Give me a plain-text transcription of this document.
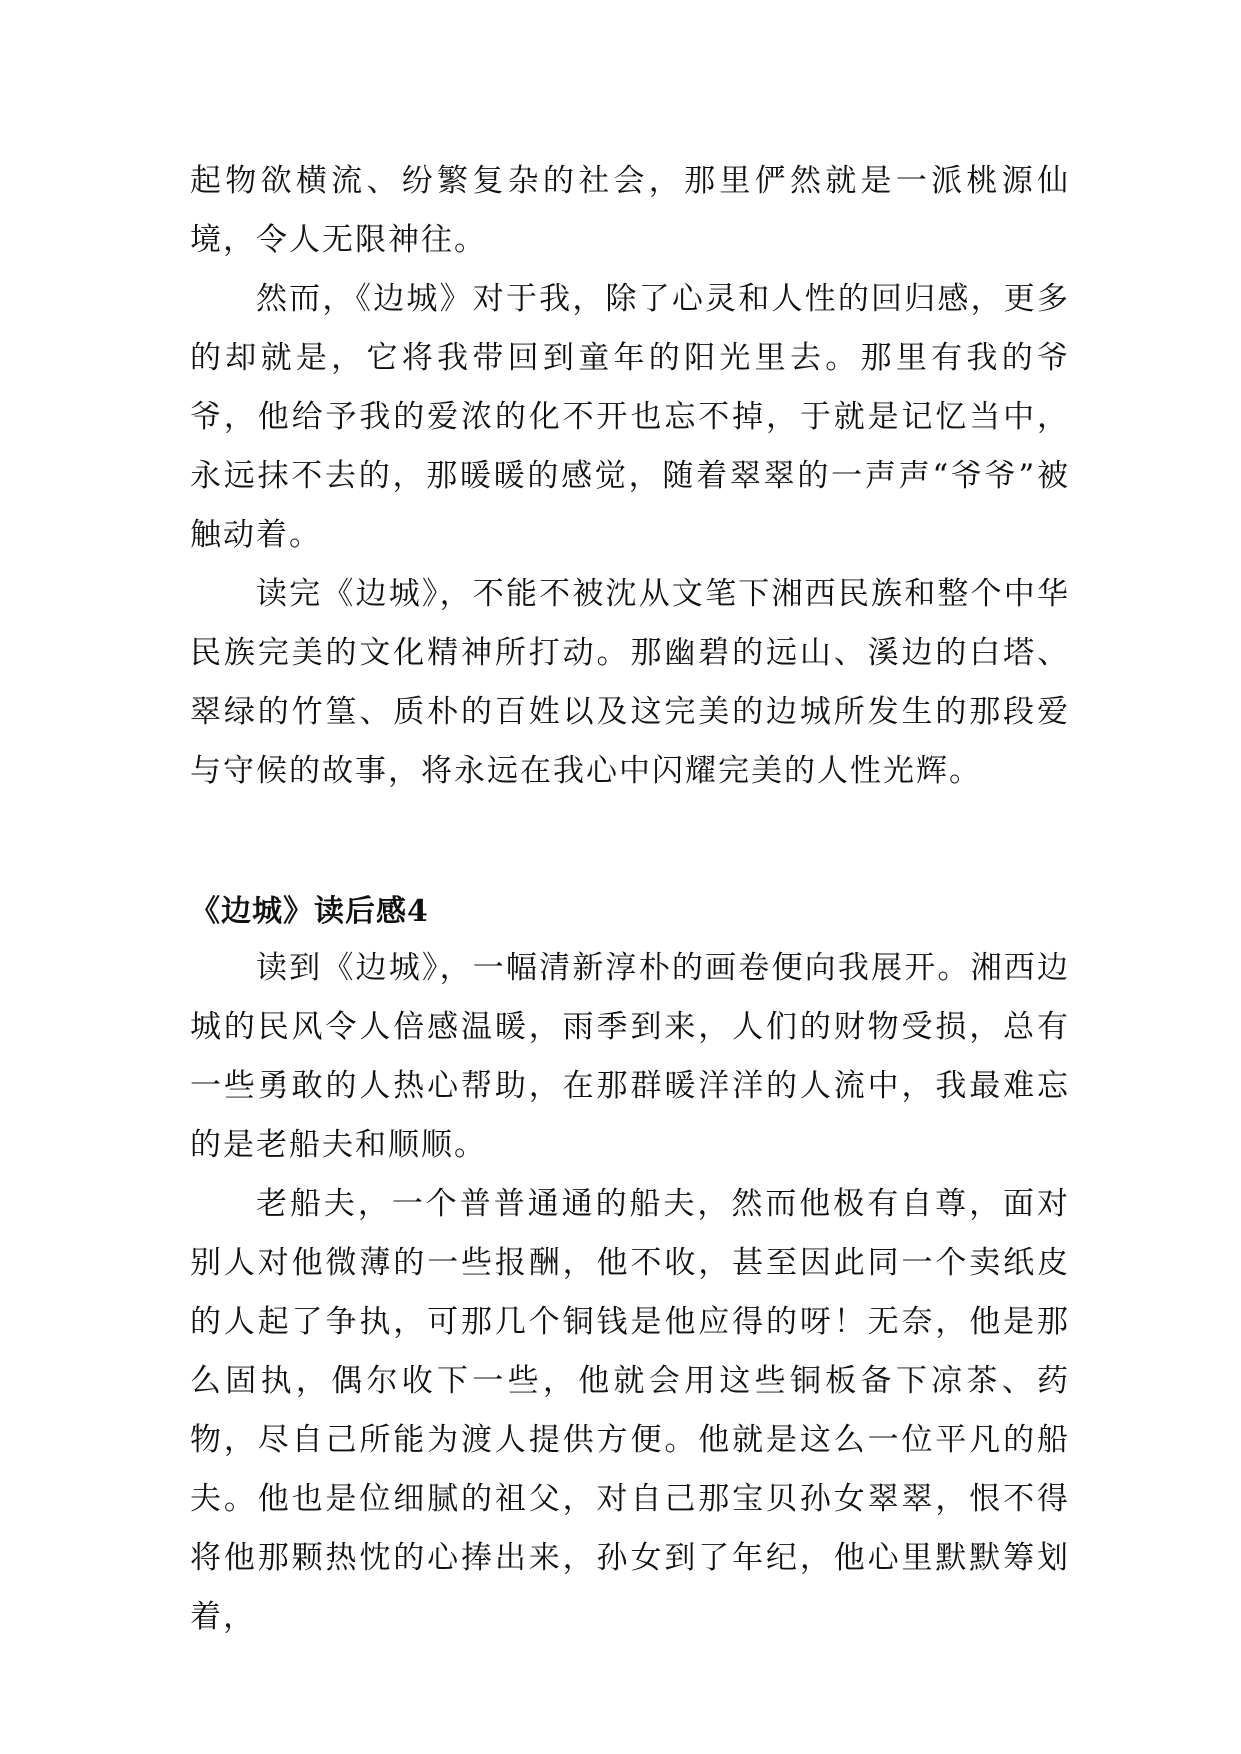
起物欲横流、纷繁复杂的社会，那里俨然就是一派桃源仙境，令人无限神往。

然而，《边城》对于我，除了心灵和人性的回归感，更多的却就是，它将我带回到童年的阳光里去。那里有我的爷爷，他给予我的爱浓的化不开也忘不掉，于就是记忆当中，永远抹不去的，那暖暖的感觉，随着翠翠的一声声“爷爷”被触动着。

读完《边城》，不能不被沈从文笔下湘西民族和整个中华民族完美的文化精神所打动。那幽碧的远山、溪边的白塔、翠绿的竹篁、质朴的百姓以及这完美的边城所发生的那段爱与守候的故事，将永远在我心中闪耀完美的人性光辉。

《边城》读后感4

读到《边城》，一幅清新淳朴的画卷便向我展开。湘西边城的民风令人倍感温暖，雨季到来，人们的财物受损，总有一些勇敢的人热心帮助，在那群暖洋洋的人流中，我最难忘的是老船夫和顺顺。

老船夫，一个普普通通的船夫，然而他极有自尊，面对别人对他微薄的一些报酬，他不收，甚至因此同一个卖纸皮的人起了争执，可那几个铜钱是他应得的呀！无奈，他是那么固执，偶尔收下一些，他就会用这些铜板备下凉茶、药物，尽自己所能为渡人提供方便。他就是这么一位平凡的船夫。他也是位细腻的祖父，对自己那宝贝孙女翠翠，恨不得将他那颗热忱的心捧出来，孙女到了年纪，他心里默默筹划着，
